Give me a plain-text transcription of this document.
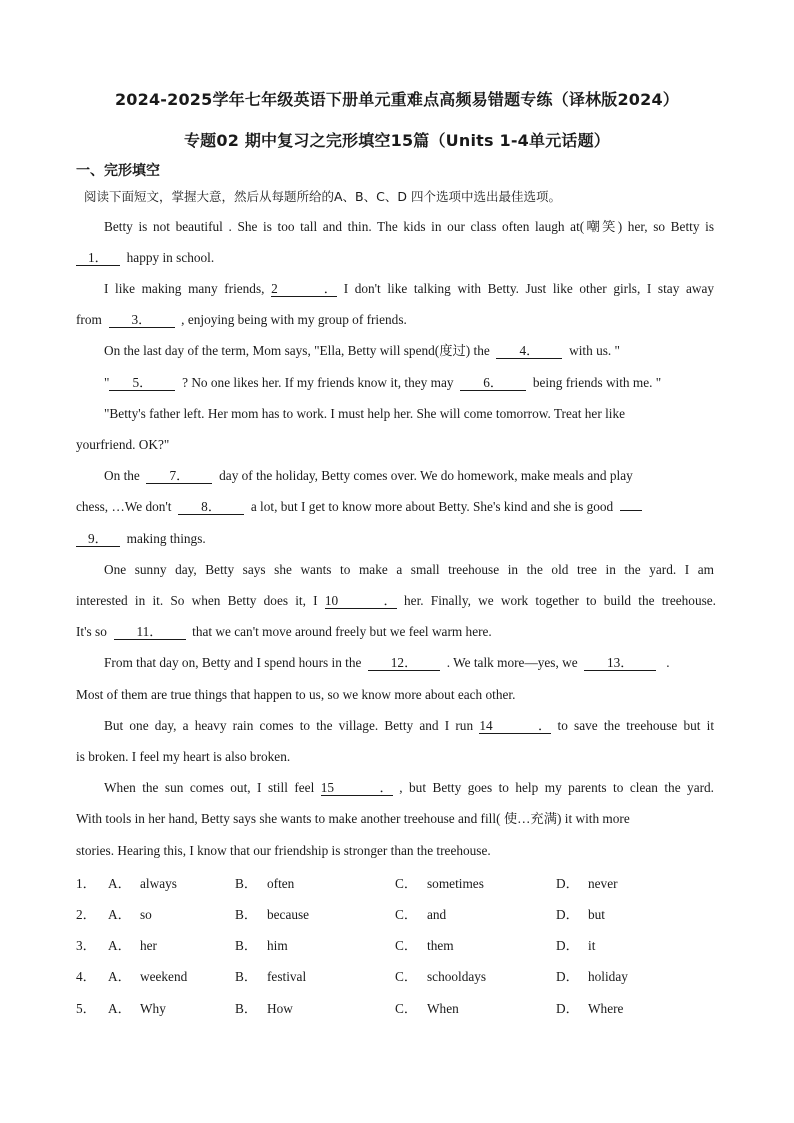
2024-2025学年七年级英语下册单元重难点高频易错题专练（译林版2024）
专题02 期中复习之完形填空15篇（Units 1-4单元话题）
一、完形填空
阅读下面短文，掌握大意，然后从每题所给的A、B、C、D 四个选项中选出最佳选项。
Betty is not beautiful . She is too tall and thin. The kids in our class often laugh at(嘲笑) her, so Betty is
1． happy in school.
I like making many friends, 2． I don't like talking with Betty. Just like other girls, I stay away
from 3． , enjoying being with my group of friends.
On the last day of the term, Mom says, "Ella, Betty will spend(度过) the 4． with us. "
" 5． ? No one likes her. If my friends know it, they may 6． being friends with me. "
"Betty's father left. Her mom has to work. I must help her. She will come tomorrow. Treat her like
yourfriend. OK?"
On the 7． day of the holiday, Betty comes over. We do homework, make meals and play
chess, …We don't 8． a lot, but I get to know more about Betty. She's kind and she is good
9． making things.
One sunny day, Betty says she wants to make a small treehouse in the old tree in the yard. I am
interested in it. So when Betty does it, I 10． her. Finally, we work together to build the treehouse.
It's so 11． that we can't move around freely but we feel warm here.
From that day on, Betty and I spend hours in the 12． . We talk more—yes, we 13． .
Most of them are true things that happen to us, so we know more about each other.
But one day, a heavy rain comes to the village. Betty and I run 14． to save the treehouse but it
is broken. I feel my heart is also broken.
When the sun comes out, I still feel 15． , but Betty goes to help my parents to clean the yard.
With tools in her hand, Betty says she wants to make another treehouse and fill( 使…充满) it with more
stories. Hearing this, I know that our friendship is stronger than the treehouse.
1． A． always	B． often	C． sometimes	D． never
2． A． so	B． because	C． and	D． but
3． A． her	B． him	C． them	D． it
4． A． weekend	B． festival	C． schooldays	D． holiday
5． A． Why	B． How	C． When	D． Where
